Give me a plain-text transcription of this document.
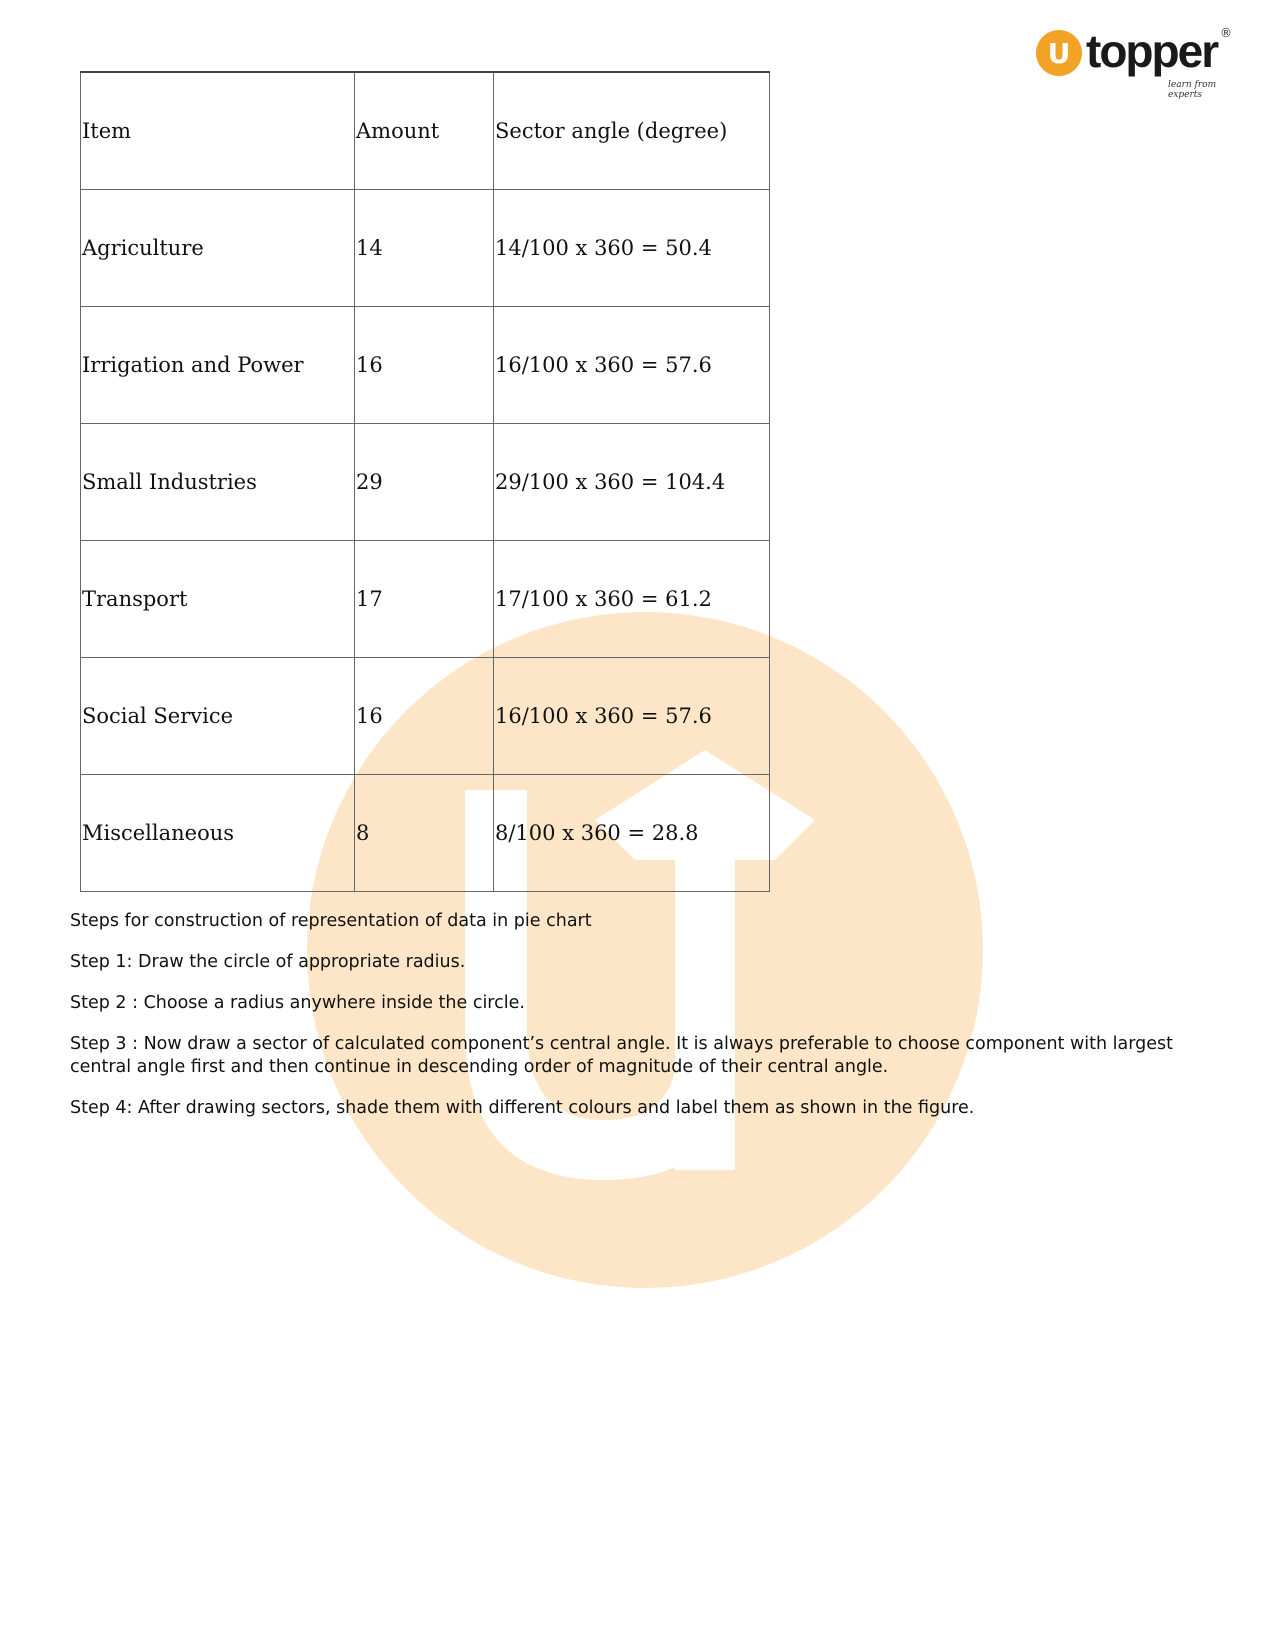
U topper ®
learn from experts
Item	Amount	Sector angle (degree)
Agriculture	14	14/100 x 360 = 50.4
Irrigation and Power	16	16/100 x 360 = 57.6
Small Industries	29	29/100 x 360 = 104.4
Transport	17	17/100 x 360 = 61.2
Social Service	16	16/100 x 360 = 57.6
Miscellaneous	8	8/100 x 360 = 28.8

Steps for construction of representation of data in pie chart

Step 1: Draw the circle of appropriate radius.

Step 2 : Choose a radius anywhere inside the circle.

Step 3 : Now draw a sector of calculated component’s central angle. It is always preferable to choose component with largest central angle first and then continue in descending order of magnitude of their central angle.

Step 4: After drawing sectors, shade them with different colours and label them as shown in the figure.
